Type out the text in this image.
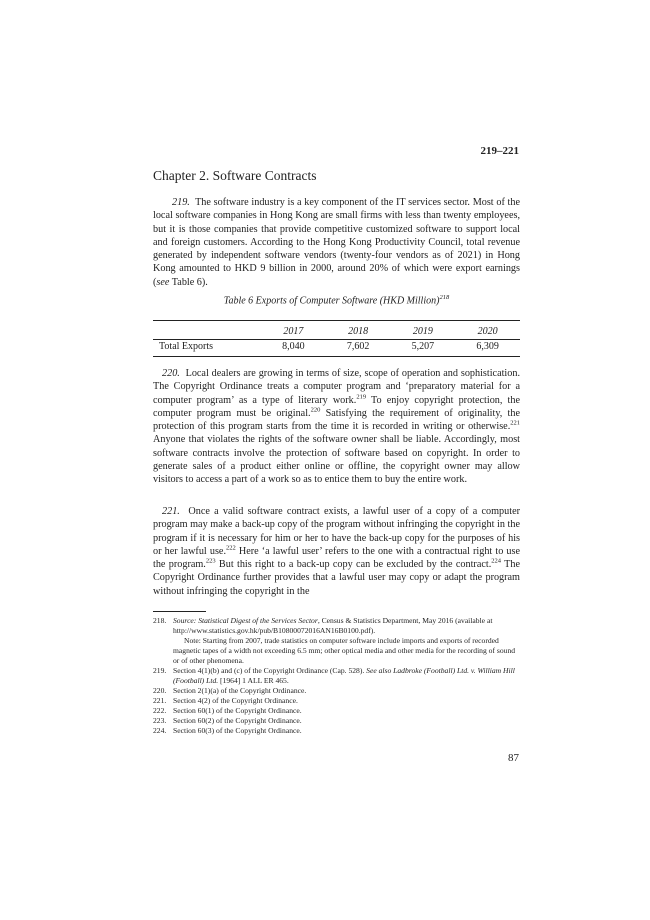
219–221
Chapter 2. Software Contracts
219. The software industry is a key component of the IT services sector. Most of the local software companies in Hong Kong are small firms with less than twenty employees, but it is those companies that provide competitive customized software to support local and foreign customers. According to the Hong Kong Productivity Council, total revenue generated by independent software vendors (twenty-four vendors as of 2021) in Hong Kong amounted to HKD 9 billion in 2000, around 20% of which were export earnings (see Table 6).
Table 6 Exports of Computer Software (HKD Million)$^{218}$
	2017	2018	2019	2020
Total Exports	8,040	7,602	5,207	6,309
220. Local dealers are growing in terms of size, scope of operation and sophistication. The Copyright Ordinance treats a computer program and ‘preparatory material for a computer program’ as a type of literary work.$^{219}$ To enjoy copyright protection, the computer program must be original.$^{220}$ Satisfying the requirement of originality, the protection of this program starts from the time it is recorded in writing or otherwise.$^{221}$ Anyone that violates the rights of the software owner shall be liable. Accordingly, most software contracts involve the protection of software based on copyright. In order to generate sales of a product either online or offline, the copyright owner may allow visitors to access a part of a work so as to entice them to buy the entire work.
221. Once a valid software contract exists, a lawful user of a copy of a computer program may make a back-up copy of the program without infringing the copyright in the program if it is necessary for him or her to have the back-up copy for the purposes of his or her lawful use.$^{222}$ Here ‘a lawful user’ refers to the one with a contractual right to use the program.$^{223}$ But this right to a back-up copy can be excluded by the contract.$^{224}$ The Copyright Ordinance further provides that a lawful user may copy or adapt the program without infringing the copyright in the
218. Source: Statistical Digest of the Services Sector, Census & Statistics Department, May 2016 (available at http://www.statistics.gov.hk/pub/B10800072016AN16B0100.pdf).
Note: Starting from 2007, trade statistics on computer software include imports and exports of recorded magnetic tapes of a width not exceeding 6.5 mm; other optical media and other media for the recording of sound or of other phenomena.
219. Section 4(1)(b) and (c) of the Copyright Ordinance (Cap. 528). See also Ladbroke (Football) Ltd. v. William Hill (Football) Ltd. [1964] 1 ALL ER 465.
220. Section 2(1)(a) of the Copyright Ordinance.
221. Section 4(2) of the Copyright Ordinance.
222. Section 60(1) of the Copyright Ordinance.
223. Section 60(2) of the Copyright Ordinance.
224. Section 60(3) of the Copyright Ordinance.
87
